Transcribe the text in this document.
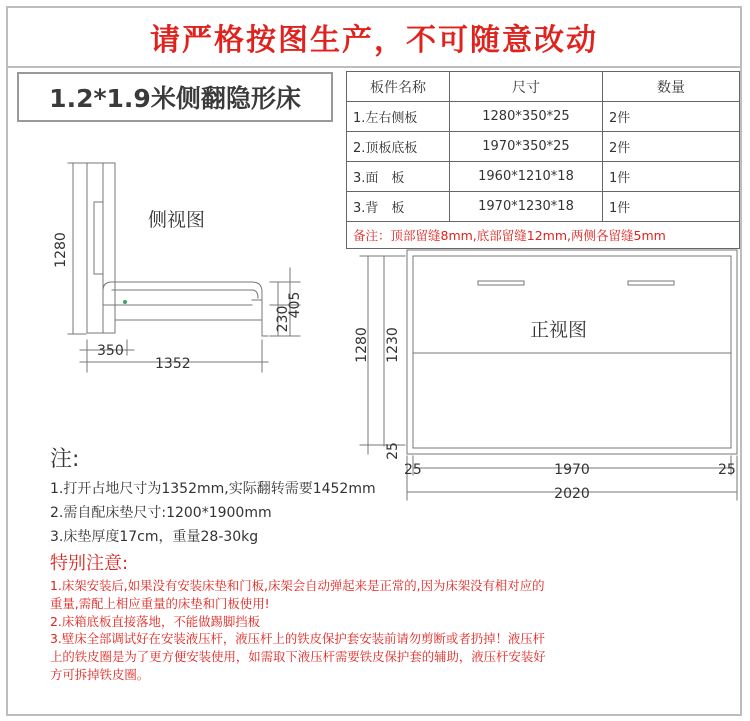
请严格按图生产，不可随意改动
1.2*1.9米侧翻隐形床	板件名称	尺寸	数量
1.左右侧板	1280*350*25	2件
2.顶板底板	1970*350*25	2件
3.面　板	1960*1210*18	1件
3.背　板	1970*1230*18	1件
备注：顶部留缝8mm,底部留缝12mm,两侧各留缝5mm		
1280
350
1352
230
405
侧视图
1280 1230
25
25	1970	25
2020
正视图
注:
1.打开占地尺寸为1352mm,实际翻转需要1452mm
2.需自配床垫尺寸:1200*1900mm
3.床垫厚度17cm，重量28-30kg
特别注意:

1.床架安装后,如果没有安装床垫和门板,床架会自动弹起来是正常的,因为床架没有相对应的

重量,需配上相应重量的床垫和门板使用!

2.床箱底板直接落地，不能做踢脚挡板

3.壁床全部调试好在安装液压杆，液压杆上的铁皮保护套安装前请勿剪断或者扔掉！液压杆

上的铁皮圈是为了更方便安装使用，如需取下液压杆需要铁皮保护套的辅助，液压杆安装好

方可拆掉铁皮圈。
